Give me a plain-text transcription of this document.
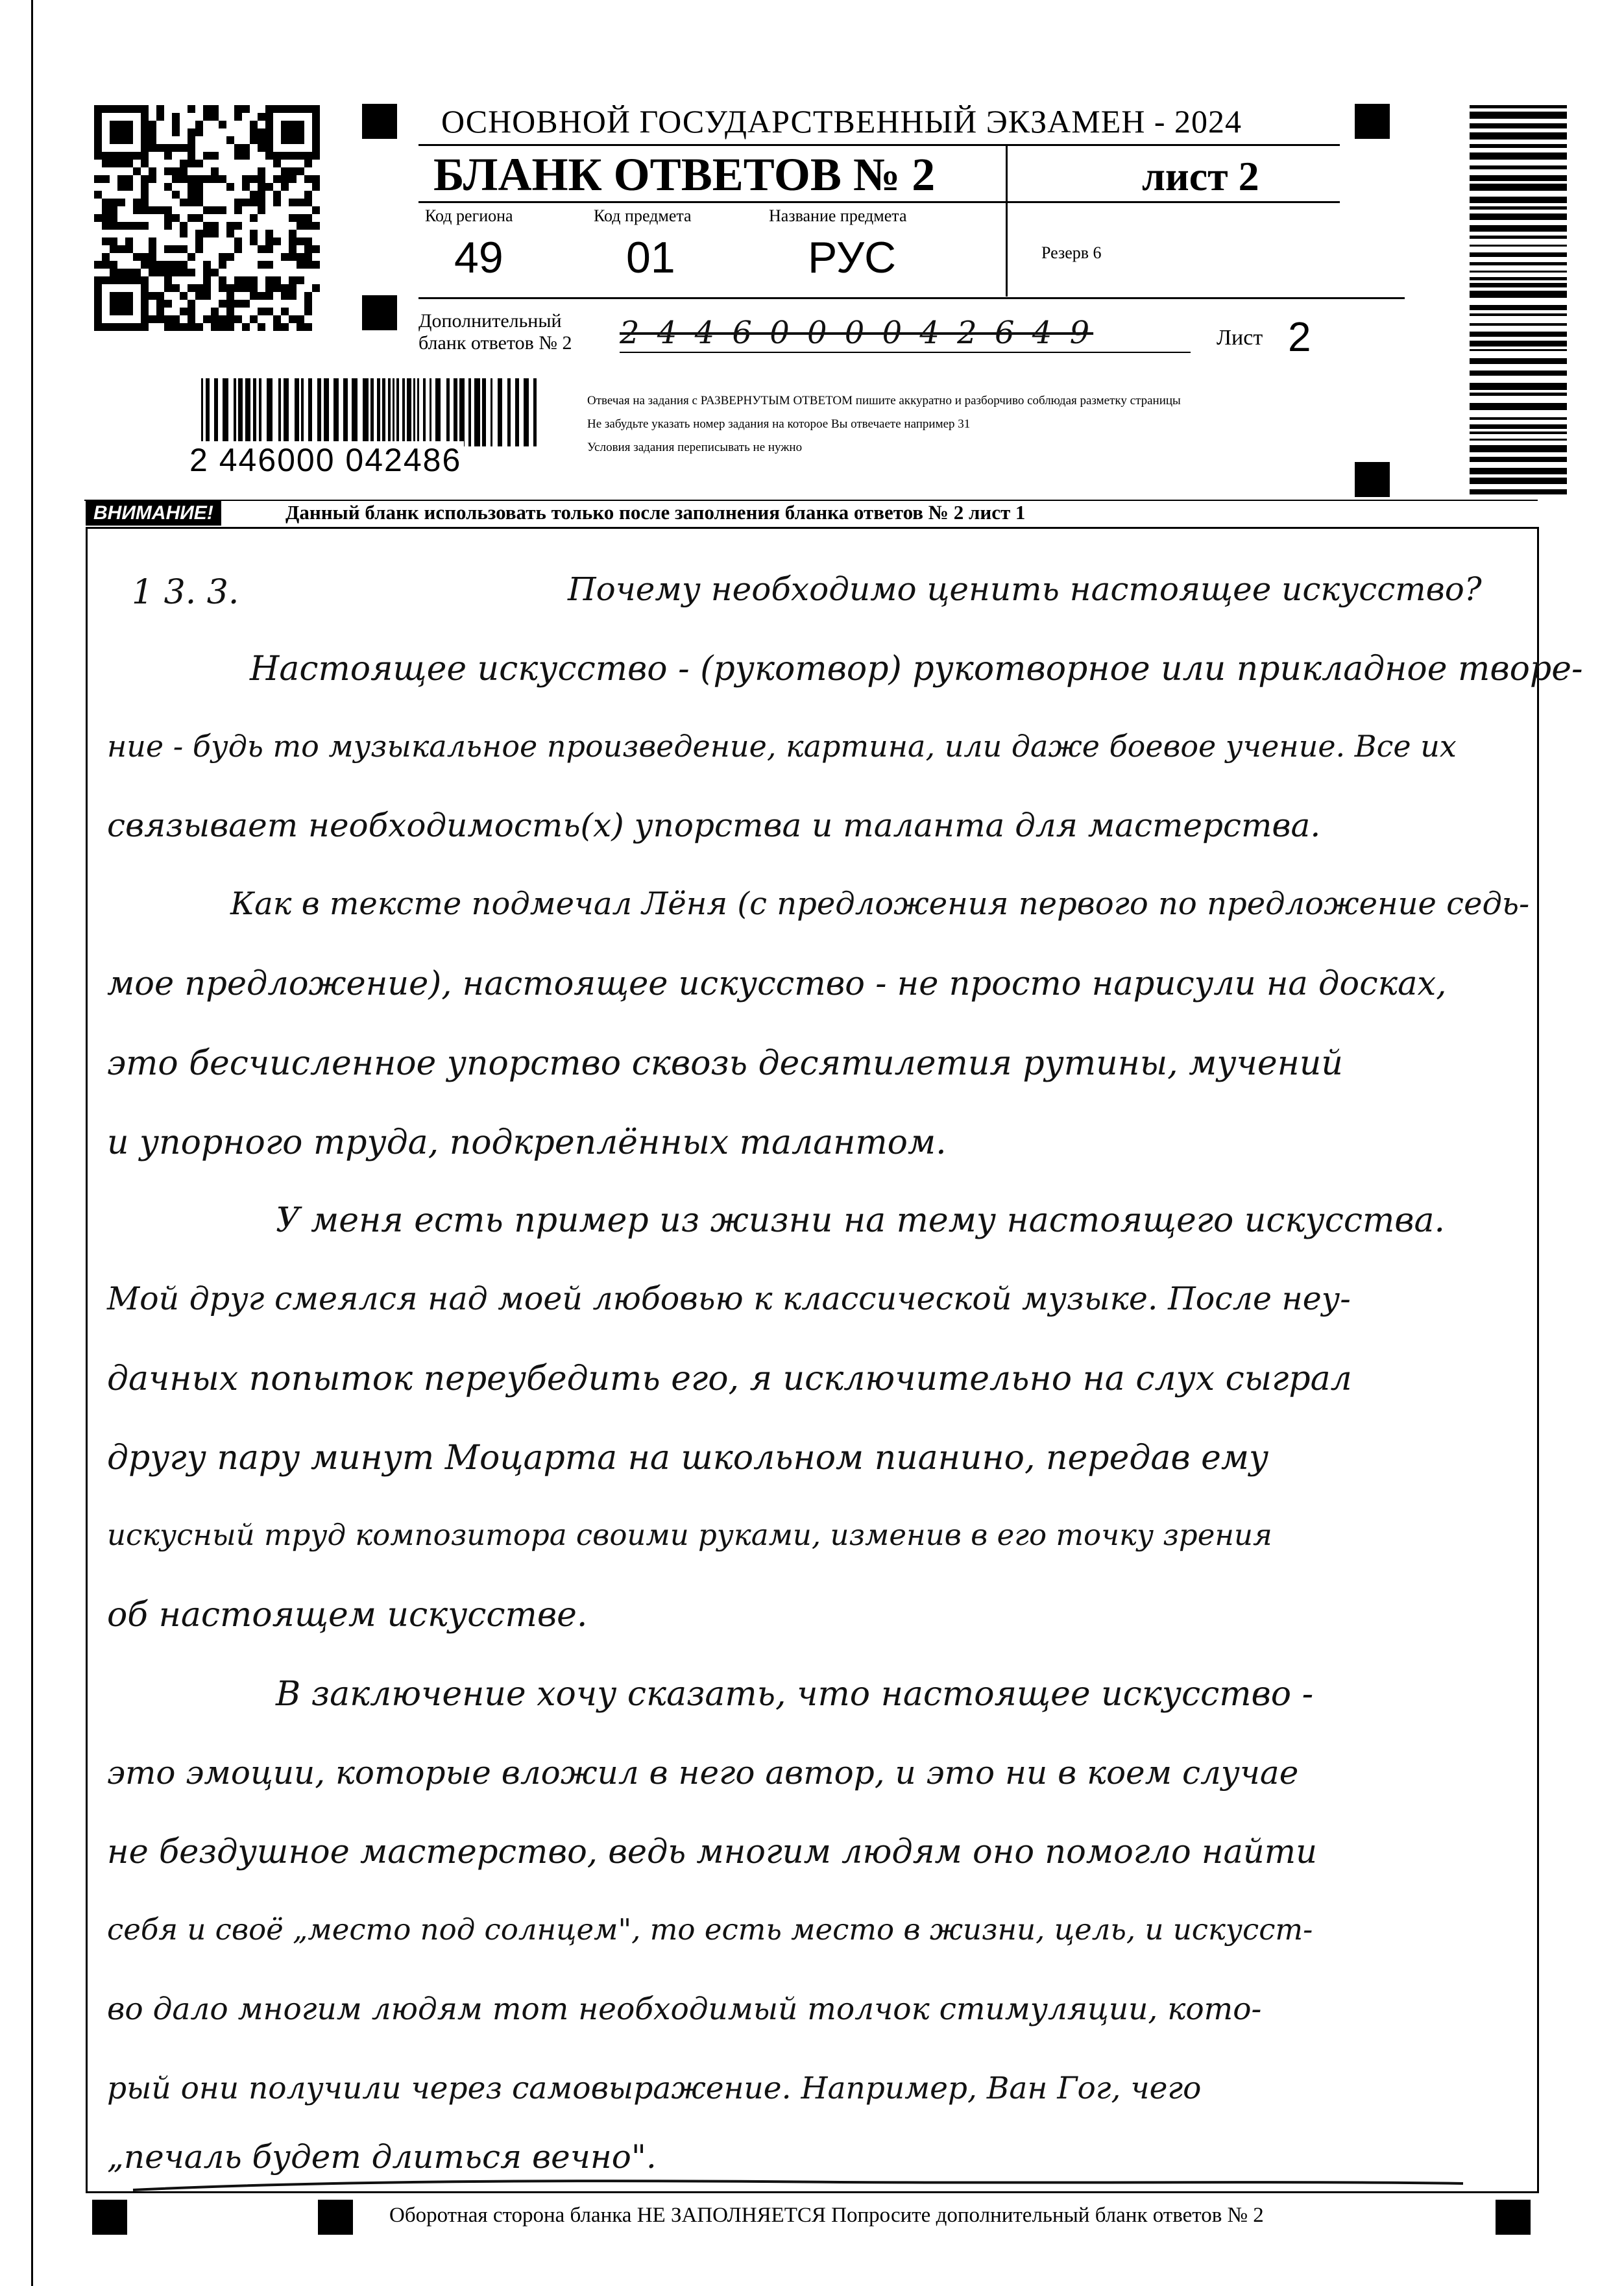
ОСНОВНОЙ ГОСУДАРСТВЕННЫЙ ЭКЗАМЕН - 2024
БЛАНК ОТВЕТОВ № 2	лист 2
Код региона
49
Код предмета
01
Название предмета
РУС	Резерв 6
Дополнительный
бланк ответов № 2 2 4 4 6 0 0 0 0 4 2 6 4 9	Лист 2
2 446000 042486
Отвечая на задания с РАЗВЕРНУТЫМ ОТВЕТОМ пишите аккуратно и разборчиво соблюдая разметку страницы
Не забудьте указать номер задания на которое Вы отвечаете например 31
Условия задания переписывать не нужно
ВНИМАНИЕ!	Данный бланк использовать только после заполнения бланка ответов № 2 лист 1
1 3. 3.	Почему необходимо ценить настоящее искусство?
Настоящее искусство - (рукотвор) рукотворное или прикладное творе-
ние - будь то музыкальное произведение, картина, или даже боевое учение. Все их
связывает необходимость(х) упорства и таланта для мастерства.
Как в тексте подмечал Лёня (с предложения первого по предложение седь-
мое предложение), настоящее искусство - не просто нарисули на досках,
это бесчисленное упорство сквозь десятилетия рутины, мучений
и упорного труда, подкреплённых талантом.
У меня есть пример из жизни на тему настоящего искусства.
Мой друг смеялся над моей любовью к классической музыке. После неу-
дачных попыток переубедить его, я исключительно на слух сыграл
другу пару минут Моцарта на школьном пианино, передав ему
искусный труд композитора своими руками, изменив в его точку зрения
об настоящем искусстве.
В заключение хочу сказать, что настоящее искусство -
это эмоции, которые вложил в него автор, и это ни в коем случае
не бездушное мастерство, ведь многим людям оно помогло найти
себя и своё „место под солнцем", то есть место в жизни, цель, и искусст-
во дало многим людям тот необходимый толчок стимуляции, кото-
рый они получили через самовыражение. Например, Ван Гог, чего
„печаль будет длиться вечно".
Оборотная сторона бланка НЕ ЗАПОЛНЯЕТСЯ Попросите дополнительный бланк ответов № 2
